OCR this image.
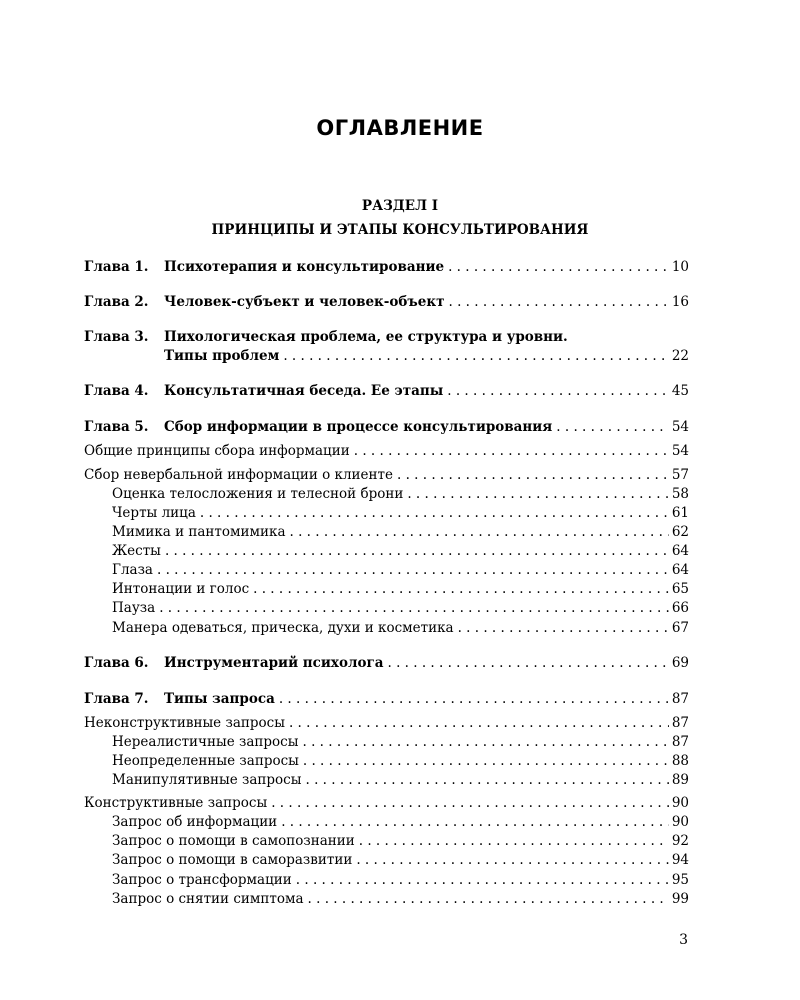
ОГЛАВЛЕНИЕ
РАЗДЕЛ I
ПРИНЦИПЫ И ЭТАПЫ КОНСУЛЬТИРОВАНИЯ
Глава 1.	Психотерапия и консультирование . . .	10
Глава 2.	Человек-субъект и человек-объект . . .	16
Глава 3.	Пихологическая проблема, ее структура и уровни.
Типы проблем . . .	22
Глава 4.	Консультатичная беседа. Ее этапы . . .	45
Глава 5.	Сбор информации в процессе консультирования . . .	54
Общие принципы сбора информации . . .	54
Сбор невербальной информации о клиенте . . .	57
Оценка телосложения и телесной брони . . .	58
Черты лица . . .	61
Мимика и пантомимика . . .	62
Жесты . . .	64
Глаза . . .	64
Интонации и голос . . .	65
Пауза . . .	66
Манера одеваться, прическа, духи и косметика . . .	67
Глава 6.	Инструментарий психолога . . .	69
Глава 7.	Типы запроса . . .	87
Неконструктивные запросы . . .	87
Нереалистичные запросы . . .	87
Неопределенные запросы . . .	88
Манипулятивные запросы . . .	89
Конструктивные запросы . . .	90
Запрос об информации . . .	90
Запрос о помощи в самопознании . . .	92
Запрос о помощи в саморазвитии . . .	94
Запрос о трансформации . . .	95
Запрос о снятии симптома . . .	99
3
